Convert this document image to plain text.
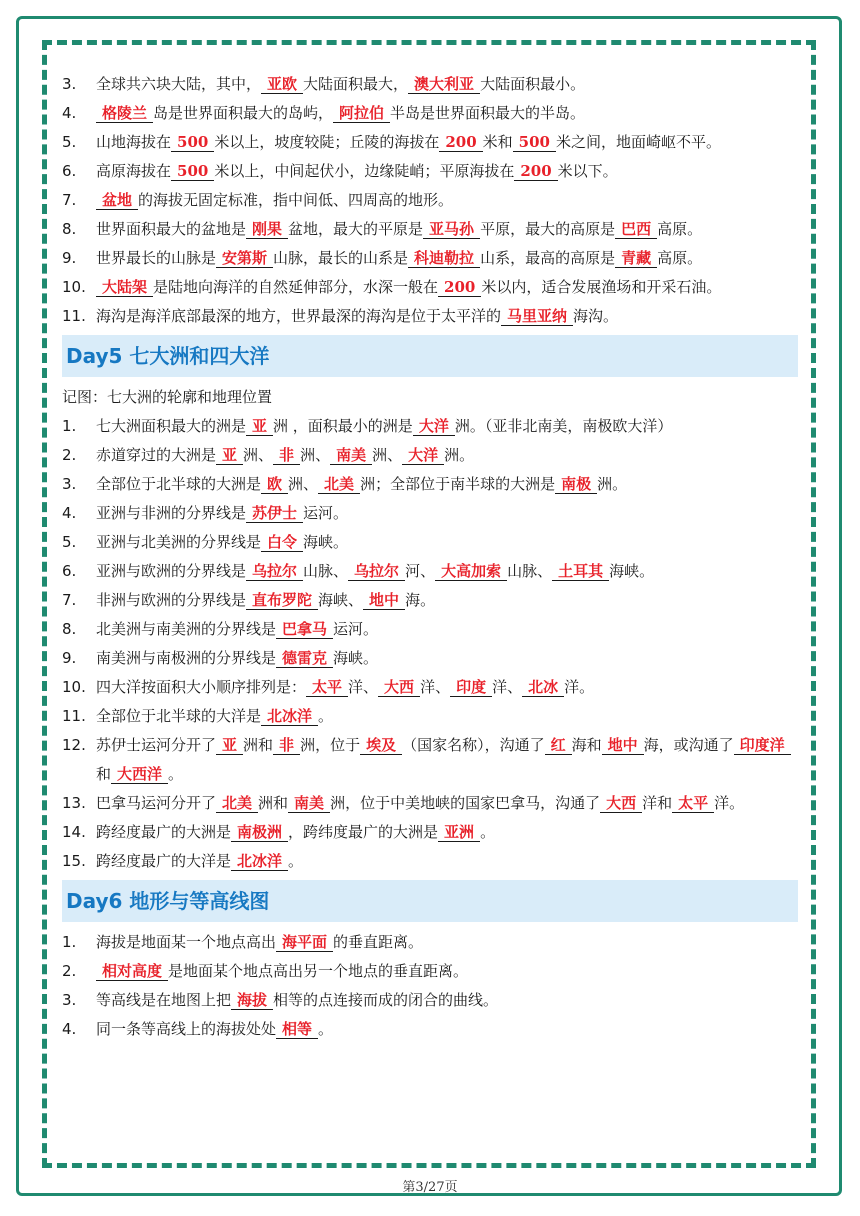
3.	全球共六块大陆，其中， 亚欧 大陆面积最大， 澳大利亚 大陆面积最小。
4.	格陵兰 岛是世界面积最大的岛屿， 阿拉伯 半岛是世界面积最大的半岛。
5.	山地海拔在 500 米以上，坡度较陡；丘陵的海拔在 200 米和 500 米之间，地面崎岖不平。
6.	高原海拔在 500 米以上，中间起伏小，边缘陡峭；平原海拔在 200 米以下。
7.	盆地 的海拔无固定标准，指中间低、四周高的地形。
8.	世界面积最大的盆地是 刚果 盆地，最大的平原是 亚马孙 平原，最大的高原是 巴西 高原。
9.	世界最长的山脉是 安第斯 山脉，最长的山系是 科迪勒拉 山系，最高的高原是 青藏 高原。
10.	大陆架 是陆地向海洋的自然延伸部分，水深一般在 200 米以内，适合发展渔场和开采石油。
11. 海沟是海洋底部最深的地方，世界最深的海沟是位于太平洋的 马里亚纳 海沟。
Day5 七大洲和四大洋
记图：七大洲的轮廓和地理位置
1.	七大洲面积最大的洲是 亚 洲 ，面积最小的洲是 大洋 洲。（亚非北南美，南极欧大洋）
2.	赤道穿过的大洲是 亚 洲、 非 洲、 南美 洲、 大洋 洲。
3.	全部位于北半球的大洲是 欧 洲、 北美 洲；全部位于南半球的大洲是 南极 洲。
4.	亚洲与非洲的分界线是 苏伊士 运河。
5.	亚洲与北美洲的分界线是 白令 海峡。
6.	亚洲与欧洲的分界线是 乌拉尔 山脉、 乌拉尔 河、 大高加索 山脉、 土耳其 海峡。
7.	非洲与欧洲的分界线是 直布罗陀 海峡、 地中 海。
8.	北美洲与南美洲的分界线是 巴拿马 运河。
9.	南美洲与南极洲的分界线是 德雷克 海峡。
10. 四大洋按面积大小顺序排列是： 太平 洋、 大西 洋、 印度 洋、 北冰 洋。
11. 全部位于北半球的大洋是 北冰洋 。
12. 苏伊士运河分开了 亚 洲和 非 洲，位于 埃及 （国家名称），沟通了 红 海和 地中 海，或沟通了 印度洋和 大西洋 。
13. 巴拿马运河分开了 北美 洲和 南美 洲，位于中美地峡的国家巴拿马，沟通了 大西 洋和 太平 洋。
14. 跨经度最广的大洲是 南极洲 ，跨纬度最广的大洲是 亚洲 。
15. 跨经度最广的大洋是 北冰洋 。
Day6 地形与等高线图
1.	海拔是地面某一个地点高出 海平面 的垂直距离。
2.	相对高度 是地面某个地点高出另一个地点的垂直距离。
3.	等高线是在地图上把 海拔 相等的点连接而成的闭合的曲线。
4.	同一条等高线上的海拔处处 相等 。
第3/27页
